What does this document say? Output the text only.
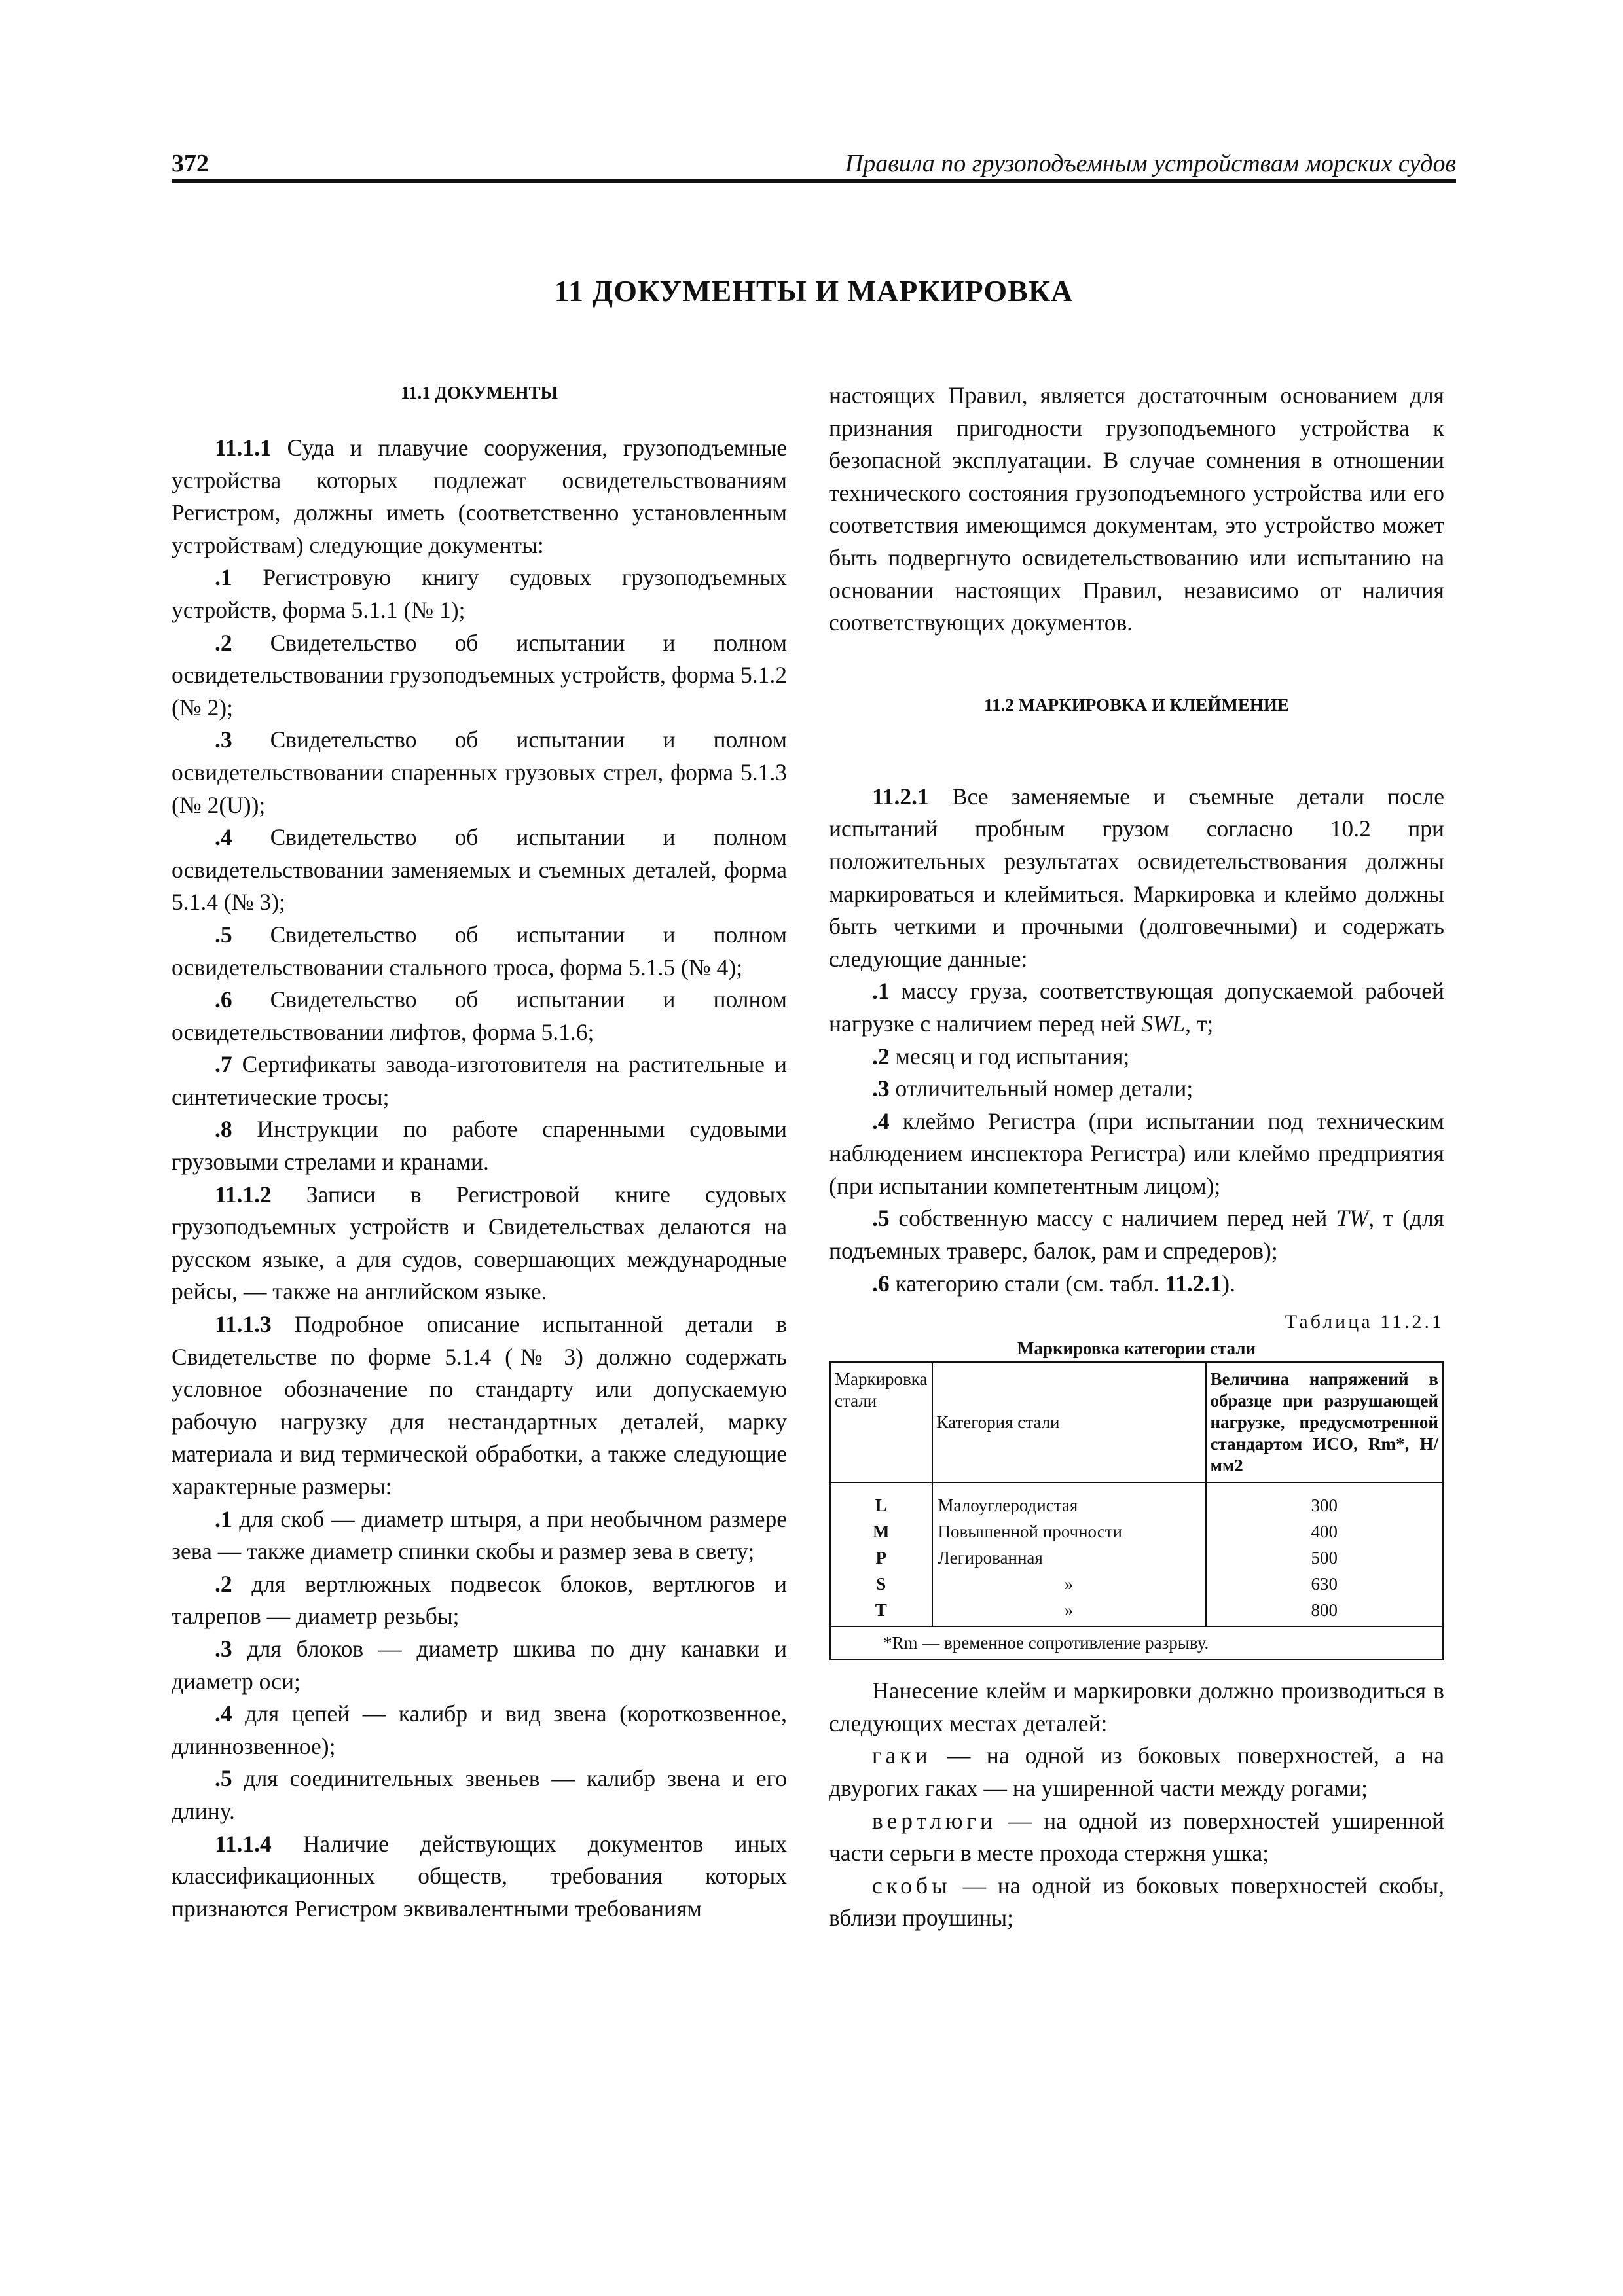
372	Правила по грузоподъемным устройствам морских судов
11 ДОКУМЕНТЫ И МАРКИРОВКА

11.1 ДОКУМЕНТЫ

11.1.1 Суда и плавучие сооружения, грузоподъемные устройства которых подлежат освидетельствованиям Регистром, должны иметь (соответственно установленным устройствам) следующие документы:

.1 Регистровую книгу судовых грузоподъемных устройств, форма 5.1.1 (№ 1);

.2 Свидетельство об испытании и полном освидетельствовании грузоподъемных устройств, форма 5.1.2 (№ 2);

.3 Свидетельство об испытании и полном освидетельствовании спаренных грузовых стрел, форма 5.1.3 (№ 2(U));

.4 Свидетельство об испытании и полном освидетельствовании заменяемых и съемных деталей, форма 5.1.4 (№ 3);

.5 Свидетельство об испытании и полном освидетельствовании стального троса, форма 5.1.5 (№ 4);

.6 Свидетельство об испытании и полном освидетельствовании лифтов, форма 5.1.6;

.7 Сертификаты завода-изготовителя на растительные и синтетические тросы;

.8 Инструкции по работе спаренными судовыми грузовыми стрелами и кранами.

11.1.2 Записи в Регистровой книге судовых грузоподъемных устройств и Свидетельствах делаются на русском языке, а для судов, совершающих международные рейсы, — также на английском языке.

11.1.3 Подробное описание испытанной детали в Свидетельстве по форме 5.1.4 (№ 3) должно содержать условное обозначение по стандарту или допускаемую рабочую нагрузку для нестандартных деталей, марку материала и вид термической обработки, а также следующие характерные размеры:

.1 для скоб — диаметр штыря, а при необычном размере зева — также диаметр спинки скобы и размер зева в свету;

.2 для вертлюжных подвесок блоков, вертлюгов и талрепов — диаметр резьбы;

.3 для блоков — диаметр шкива по дну канавки и диаметр оси;

.4 для цепей — калибр и вид звена (короткозвенное, длиннозвенное);

.5 для соединительных звеньев — калибр звена и его длину.

11.1.4 Наличие действующих документов иных классификационных обществ, требования которых признаются Регистром эквивалентными требованиям

настоящих Правил, является достаточным основанием для признания пригодности грузоподъемного устройства к безопасной эксплуатации. В случае сомнения в отношении технического состояния грузоподъемного устройства или его соответствия имеющимся документам, это устройство может быть подвергнуто освидетельствованию или испытанию на основании настоящих Правил, независимо от наличия соответствующих документов.

11.2 МАРКИРОВКА И КЛЕЙМЕНИЕ

11.2.1 Все заменяемые и съемные детали после испытаний пробным грузом согласно 10.2 при положительных результатах освидетельствования должны маркироваться и клеймиться. Маркировка и клеймо должны быть четкими и прочными (долговечными) и содержать следующие данные:

.1 массу груза, соответствующая допускаемой рабочей нагрузке с наличием перед ней SWL, т;

.2 месяц и год испытания;

.3 отличительный номер детали;

.4 клеймо Регистра (при испытании под техническим наблюдением инспектора Регистра) или клеймо предприятия (при испытании компетентным лицом);

.5 собственную массу с наличием перед ней TW, т (для подъемных траверс, балок, рам и спредеров);

.6 категорию стали (см. табл. 11.2.1).

Таблица 11.2.1
Маркировка категории стали
Маркировка стали	Категория стали	Величина напряжений в образце при разрушающей нагрузке, предусмотренной стандартом ИСО, Rm*, Н/мм2
L	Малоуглеродистая	300
M	Повышенной прочности	400
P	Легированная	500
S	»	630
T	»	800
*Rm — временное сопротивление разрыву.		

Нанесение клейм и маркировки должно производиться в следующих местах деталей:

гаки — на одной из боковых поверхностей, а на двурогих гаках — на уширенной части между рогами;

вертлюги — на одной из поверхностей уширенной части серьги в месте прохода стержня ушка;

скобы — на одной из боковых поверхностей скобы, вблизи проушины;
